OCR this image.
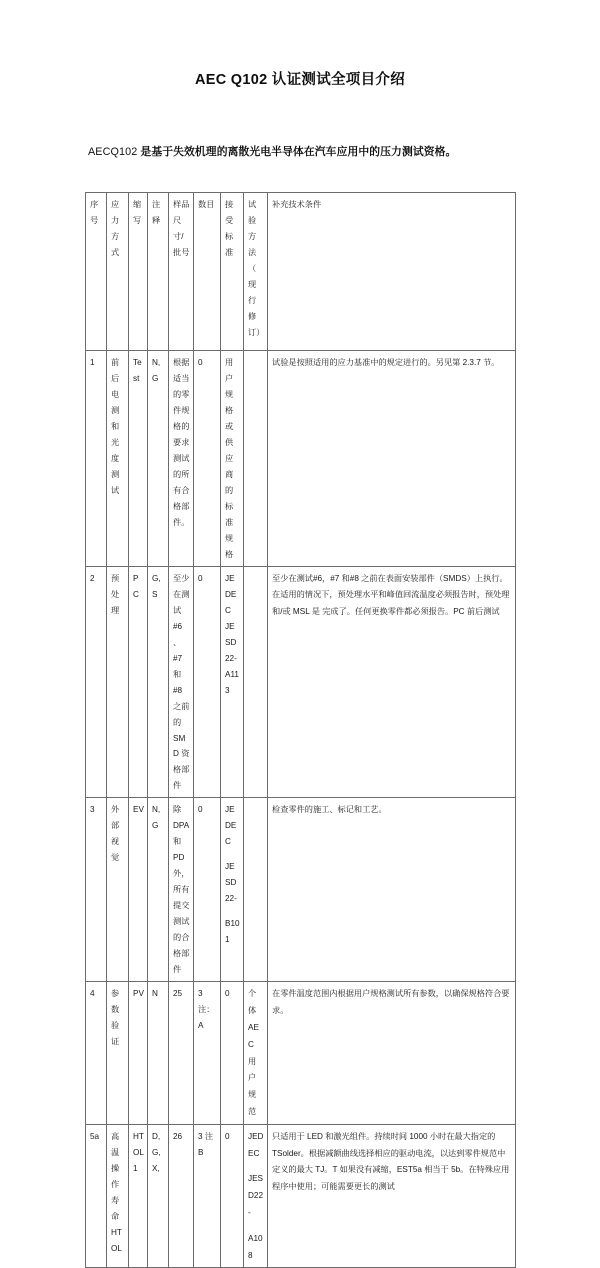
AEC Q102 认证测试全项目介绍
AECQ102 是基于失效机理的离散光电半导体在汽车应用中的压力测试资格。
序号	应力方式	缩写	注释	样品尺寸/批号	数目	接受标准	试验方法（现行修订）	补充技术条件
1	前后电测和光度测试	Test	N, G	根据适当的零件规格的要求测试的所有合格部件。	0	用户规格或供应商的标准规格		试验是按照适用的应力基准中的规定进行的。另见第 2.3.7 节。
2	预处理	PC	G, S	至少在测试#6、#7 和#8 之前的 SMD 资格部件	0	JEDEC JESD22-A113		至少在测试#6，#7 和#8 之前在表面安装部件（SMDS）上执行。在适用的情况下，预处理水平和峰值回流温度必须报告时，预处理和/或 MSL 是 完成了。任何更换零件都必须报告。PC 前后测试
3	外部视觉	EV	N, G	除 DPA 和 PD 外，所有提交测试的合格部件	0	JEDEC
JESD22-
B101		检查零件的施工、标记和工艺。
4	参数验证	PV	N	25	3 注：A	0	个体 AEC 用户规范	在零件温度范围内根据用户规格测试所有参数，以确保规格符合要求。
5a	高温操作寿命 HTOL	HTOL1	D, G, X,	26	3 注 B	0	JEDEC
JESD22-
A108	只适用于 LED 和激光组件。持续时间 1000 小时在最大指定的 TSolder。根据减额曲线选择相应的驱动电流，以达到零件规范中定义的最大 TJ。T 如果没有减缩，EST5a 相当于 5b。在特殊应用程序中使用；可能需要更长的测试
